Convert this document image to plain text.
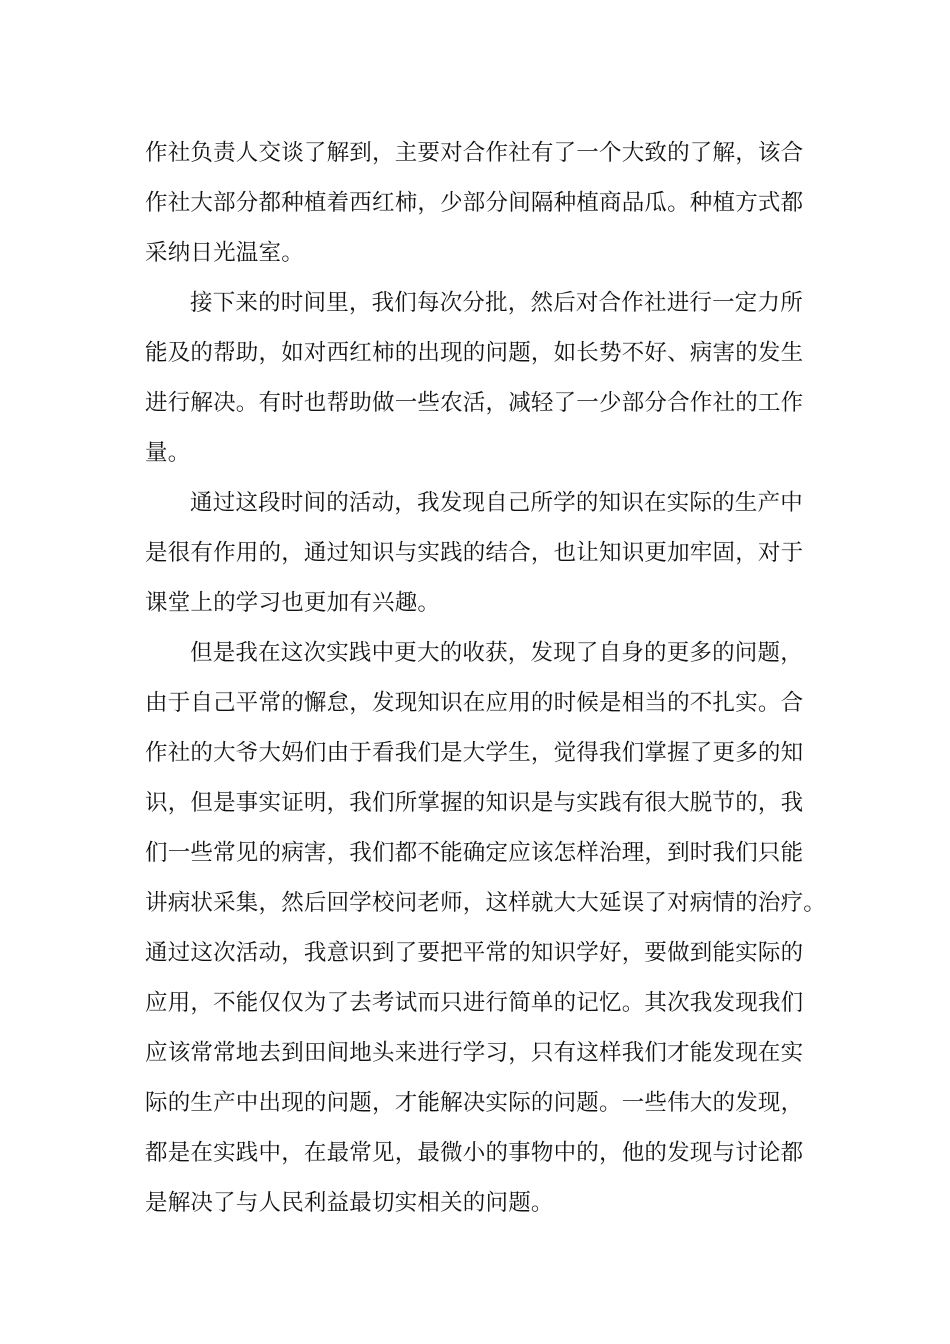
作社负责人交谈了解到，主要对合作社有了一个大致的了解，该合
作社大部分都种植着西红柿，少部分间隔种植商品瓜。种植方式都
采纳日光温室。
接下来的时间里，我们每次分批，然后对合作社进行一定力所
能及的帮助，如对西红柿的出现的问题，如长势不好、病害的发生
进行解决。有时也帮助做一些农活，减轻了一少部分合作社的工作
量。
通过这段时间的活动，我发现自己所学的知识在实际的生产中
是很有作用的，通过知识与实践的结合，也让知识更加牢固，对于
课堂上的学习也更加有兴趣。
但是我在这次实践中更大的收获，发现了自身的更多的问题，
由于自己平常的懈怠，发现知识在应用的时候是相当的不扎实。合
作社的大爷大妈们由于看我们是大学生，觉得我们掌握了更多的知
识，但是事实证明，我们所掌握的知识是与实践有很大脱节的，我
们一些常见的病害，我们都不能确定应该怎样治理，到时我们只能
讲病状采集，然后回学校问老师，这样就大大延误了对病情的治疗。
通过这次活动，我意识到了要把平常的知识学好，要做到能实际的
应用，不能仅仅为了去考试而只进行简单的记忆。其次我发现我们
应该常常地去到田间地头来进行学习，只有这样我们才能发现在实
际的生产中出现的问题，才能解决实际的问题。一些伟大的发现，
都是在实践中，在最常见，最微小的事物中的，他的发现与讨论都
是解决了与人民利益最切实相关的问题。
